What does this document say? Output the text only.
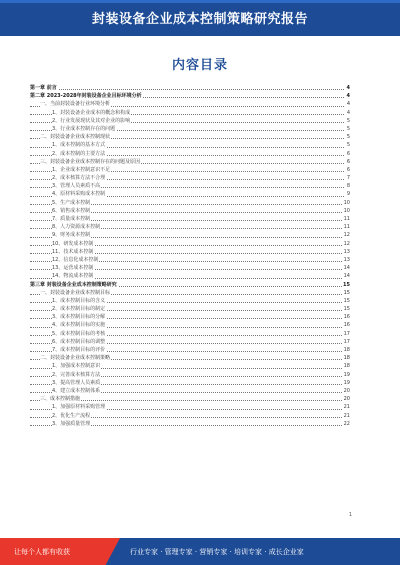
封装设备企业成本控制策略研究报告
内容目录
第一章 前言	4
第二章 2023-2028年封装设备企业目标环境分析	4
一、当前封装设备行业环境分析	4
1、封装设备企业成本的概念和构成	4
2、行业发展现状及其对企业的影响	5
3、行业成本控制存在的问题	5
二、封装设备企业成本控制现状	5
1、成本控制的基本方式	5
2、成本控制的主要方法	6
三、封装设备企业成本控制存在的问题及原因	6
1、企业成本控制意识不足	6
2、成本核算方法不合理	7
3、管理人员素质不高	8
4、原材料采购成本控制	9
5、生产成本控制	10
6、销售成本控制	10
7、质量成本控制	11
8、人力资源成本控制	11
9、财务成本控制	12
10、研发成本控制	12
11、技术成本控制	13
12、信息化成本控制	13
13、运营成本控制	14
14、物流成本控制	14
第三章 封装设备企业成本控制策略研究	15
一、封装设备企业成本控制目标	15
1、成本控制目标的含义	15
2、成本控制目标的制定	15
3、成本控制目标的分解	16
4、成本控制目标的实施	16
5、成本控制目标的考核	17
6、成本控制目标的调整	17
7、成本控制目标的评价	18
二、封装设备企业成本控制策略	18
1、加强成本控制意识	18
2、完善成本核算方法	19
3、提高管理人员素质	19
4、建立成本控制体系	20
三、成本控制措施	20
1、加强原材料采购管理	21
2、优化生产流程	21
3、加强质量管理	22
1
让每个人都有收获	行业专家 · 管理专家 · 营销专家 · 培训专家 · 成长企业家
